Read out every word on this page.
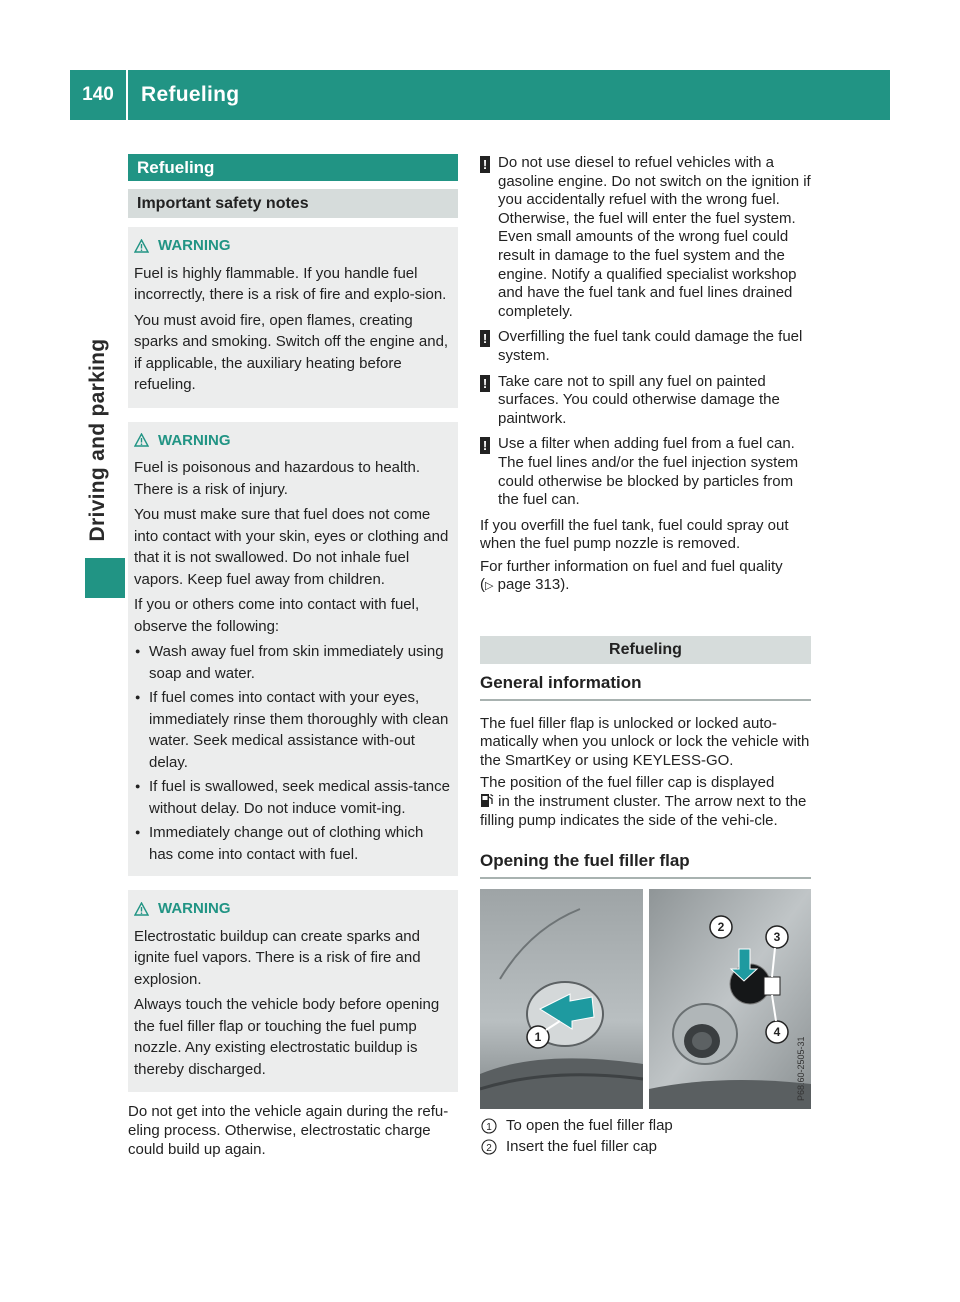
140	Refueling
Driving and parking
Refueling
Important safety notes
WARNING

Fuel is highly flammable. If you handle fuel incorrectly, there is a risk of fire and explo-sion.

You must avoid fire, open flames, creating sparks and smoking. Switch off the engine and, if applicable, the auxiliary heating before refueling.

WARNING

Fuel is poisonous and hazardous to health. There is a risk of injury.

You must make sure that fuel does not come into contact with your skin, eyes or clothing and that it is not swallowed. Do not inhale fuel vapors. Keep fuel away from children.

If you or others come into contact with fuel, observe the following:

● Wash away fuel from skin immediately using soap and water.
● If fuel comes into contact with your eyes, immediately rinse them thoroughly with clean water. Seek medical assistance with-out delay.
● If fuel is swallowed, seek medical assis-tance without delay. Do not induce vomit-ing.
● Immediately change out of clothing which has come into contact with fuel.
WARNING

Electrostatic buildup can create sparks and ignite fuel vapors. There is a risk of fire and explosion.

Always touch the vehicle body before opening the fuel filler flap or touching the fuel pump nozzle. Any existing electrostatic buildup is thereby discharged.

Do not get into the vehicle again during the refu-eling process. Otherwise, electrostatic charge could build up again.

! Do not use diesel to refuel vehicles with a gasoline engine. Do not switch on the ignition if you accidentally refuel with the wrong fuel. Otherwise, the fuel will enter the fuel system. Even small amounts of the wrong fuel could result in damage to the fuel system and the engine. Notify a qualified specialist workshop and have the fuel tank and fuel lines drained completely.
! Overfilling the fuel tank could damage the fuel system.
! Take care not to spill any fuel on painted surfaces. You could otherwise damage the paintwork.
! Use a filter when adding fuel from a fuel can. The fuel lines and/or the fuel injection system could otherwise be blocked by particles from the fuel can.

If you overfill the fuel tank, fuel could spray out when the fuel pump nozzle is removed.

For further information on fuel and fuel quality
(▷ page 313).

Refueling
General information

The fuel filler flap is unlocked or locked auto-matically when you unlock or lock the vehicle with the SmartKey or using KEYLESS-GO.

The position of the fuel filler cap is displayed
in the instrument cluster. The arrow next to the filling pump indicates the side of the vehi-cle.

Opening the fuel filler flap
P68.60-2505-31
1
2
3
4
1 To open the fuel filler flap
2 Insert the fuel filler cap
